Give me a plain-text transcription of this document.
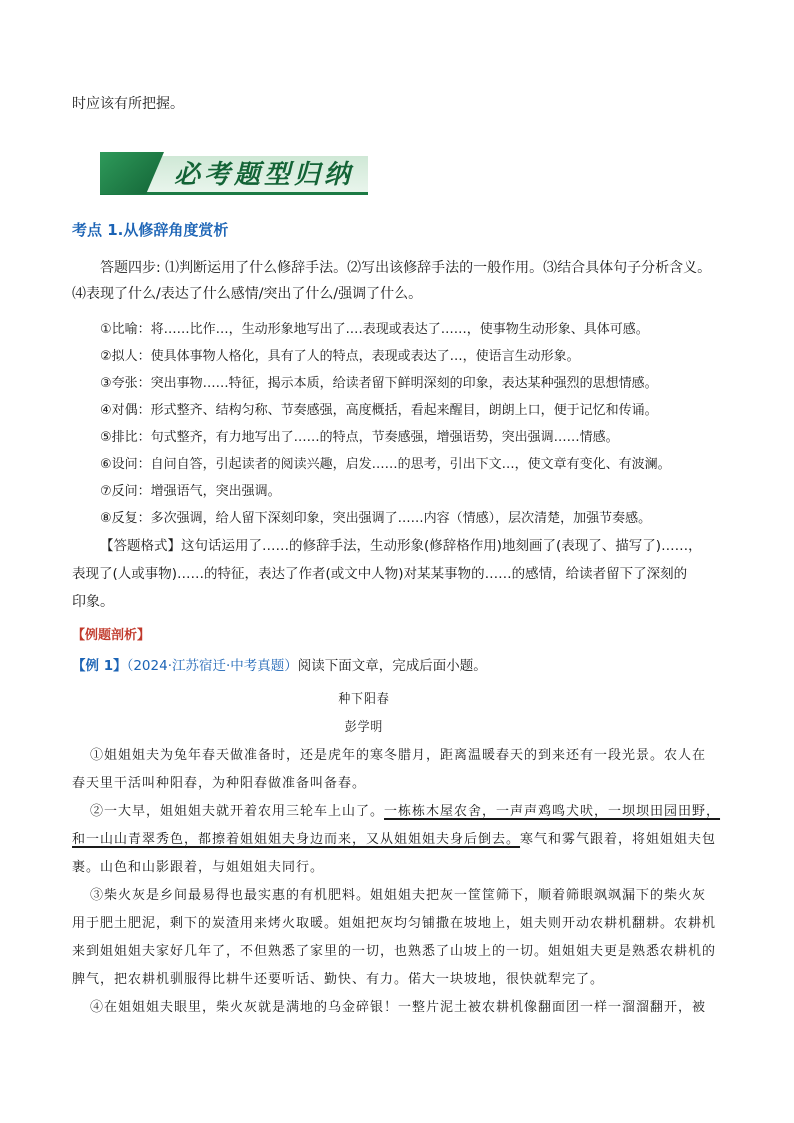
时应该有所把握。
必考题型归纳
考点 1.从修辞角度赏析
答题四步: ⑴判断运用了什么修辞手法。⑵写出该修辞手法的一般作用。⑶结合具体句子分析含义。
⑷表现了什么/表达了什么感情/突出了什么/强调了什么。
①比喻：将……比作…，生动形象地写出了.…表现或表达了……，使事物生动形象、具体可感。
②拟人：使具体事物人格化，具有了人的特点，表现或表达了…，使语言生动形象。
③夸张：突出事物……特征，揭示本质，给读者留下鲜明深刻的印象，表达某种强烈的思想情感。
④对偶：形式整齐、结构匀称、节奏感强，高度概括，看起来醒目，朗朗上口，便于记忆和传诵。
⑤排比：句式整齐，有力地写出了……的特点，节奏感强，增强语势，突出强调……情感。
⑥设问：自问自答，引起读者的阅读兴趣，启发……的思考，引出下文…，使文章有变化、有波澜。
⑦反问：增强语气，突出强调。
⑧反复：多次强调，给人留下深刻印象，突出强调了……内容（情感），层次清楚，加强节奏感。
【答题格式】这句话运用了……的修辞手法，生动形象(修辞格作用)地刻画了(表现了、描写了)……，
表现了(人或事物)……的特征，表达了作者(或文中人物)对某某事物的……的感情，给读者留下了深刻的
印象。
【例题剖析】
【例 1】（2024·江苏宿迁·中考真题）阅读下面文章，完成后面小题。
种下阳春
彭学明
①姐姐姐夫为兔年春天做准备时，还是虎年的寒冬腊月，距离温暖春天的到来还有一段光景。农人在
春天里干活叫种阳春，为种阳春做准备叫备春。
②一大早，姐姐姐夫就开着农用三轮车上山了。一栋栋木屋农舍，一声声鸡鸣犬吠，一坝坝田园田野，
和一山山青翠秀色，都擦着姐姐姐夫身边而来，又从姐姐姐夫身后倒去。寒气和雾气跟着，将姐姐姐夫包
裹。山色和山影跟着，与姐姐姐夫同行。
③柴火灰是乡间最易得也最实惠的有机肥料。姐姐姐夫把灰一筐筐筛下，顺着筛眼飒飒漏下的柴火灰
用于肥土肥泥，剩下的炭渣用来烤火取暖。姐姐把灰均匀铺撒在坡地上，姐夫则开动农耕机翻耕。农耕机
来到姐姐姐夫家好几年了，不但熟悉了家里的一切，也熟悉了山坡上的一切。姐姐姐夫更是熟悉农耕机的
脾气，把农耕机驯服得比耕牛还要听话、勤快、有力。偌大一块坡地，很快就犁完了。
④在姐姐姐夫眼里，柴火灰就是满地的乌金碎银！一整片泥土被农耕机像翻面团一样一溜溜翻开，被
